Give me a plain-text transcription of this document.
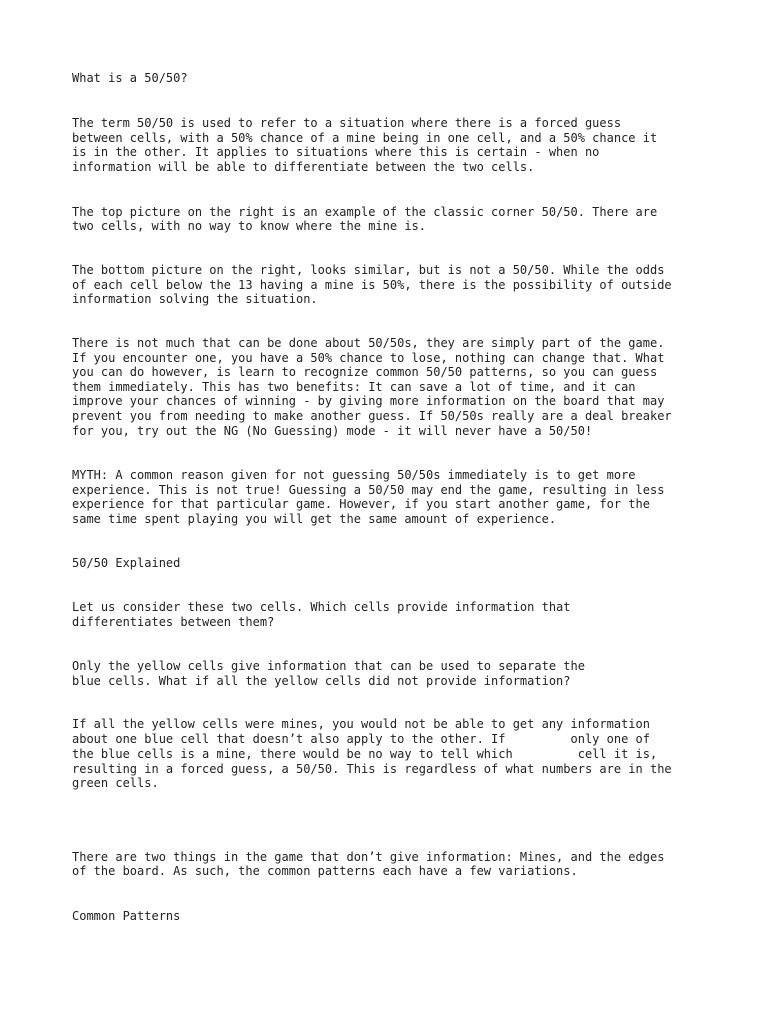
What is a 50/50?

The term 50/50 is used to refer to a situation where there is a forced guess

between cells, with a 50% chance of a mine being in one cell, and a 50% chance it

is in the other. It applies to situations where this is certain - when no

information will be able to differentiate between the two cells.

The top picture on the right is an example of the classic corner 50/50. There are

two cells, with no way to know where the mine is.

The bottom picture on the right, looks similar, but is not a 50/50. While the odds

of each cell below the 13 having a mine is 50%, there is the possibility of outside

information solving the situation.

There is not much that can be done about 50/50s, they are simply part of the game.

If you encounter one, you have a 50% chance to lose, nothing can change that. What

you can do however, is learn to recognize common 50/50 patterns, so you can guess

them immediately. This has two benefits: It can save a lot of time, and it can

improve your chances of winning - by giving more information on the board that may

prevent you from needing to make another guess. If 50/50s really are a deal breaker

for you, try out the NG (No Guessing) mode - it will never have a 50/50!

MYTH: A common reason given for not guessing 50/50s immediately is to get more

experience. This is not true! Guessing a 50/50 may end the game, resulting in less

experience for that particular game. However, if you start another game, for the

same time spent playing you will get the same amount of experience.

50/50 Explained

Let us consider these two cells. Which cells provide information that

differentiates between them?

Only the yellow cells give information that can be used to separate the

blue cells. What if all the yellow cells did not provide information?

If all the yellow cells were mines, you would not be able to get any information

about one blue cell that doesn’t also apply to the other. If         only one of

the blue cells is a mine, there would be no way to tell which         cell it is,

resulting in a forced guess, a 50/50. This is regardless of what numbers are in the

green cells.

There are two things in the game that don’t give information: Mines, and the edges

of the board. As such, the common patterns each have a few variations.

Common Patterns
